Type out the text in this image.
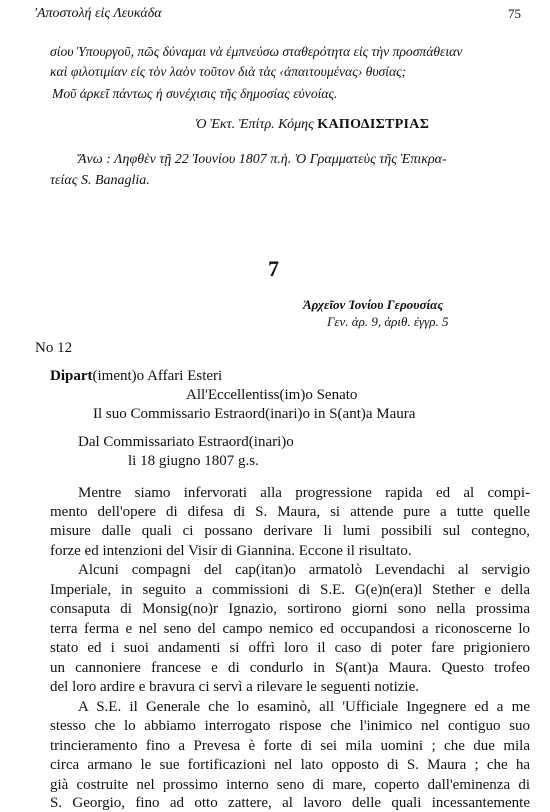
'Αποστολή εἰς Λευκάδα	75
σίου Ὑπουργοῦ, πῶς δύναμαι νὰ ἐμπνεύσω σταθερότητα εἰς τὴν προσπάθειαν
καὶ φιλοτιμίαν εἰς τὸν λαὸν τοῦτον διὰ τὰς ‹ἀπαιτουμένας› θυσίας;
Μοῦ ἀρκεῖ πάντως ἡ συνέχισις τῆς δημοσίας εὐνοίας.
Ὁ Ἐκτ. Ἐπίτρ. Κόμης ΚΑΠΟΔΙΣΤΡΙΑΣ
Ἄνω : Ληφθὲν τῇ 22 Ἰουνίου 1807 π.ἡ. Ὁ Γραμματεὺς τῆς Ἐπικρα-
τείας S. Banaglia.
7
Ἀρχεῖον Ἰονίου Γερουσίας
Γεν. ἀρ. 9, ἀριθ. ἐγγρ. 5
No 12
Dipart(iment)o Affari Esteri
All'Eccellentiss(im)o Senato
Il suo Commissario Estraord(inari)o in S(ant)a Maura
Dal Commissariato Estraord(inari)o
li 18 giugno 1807 g.s.
Mentre siamo infervorati alla progressione rapida ed al compi-
mento dell'opere di difesa di S. Maura, si attende pure a tutte quelle
misure dalle quali ci possano derivare li lumi possibili sul contegno,
forze ed intenzioni del Visir di Giannina. Eccone il risultato.
Alcuni compagni del cap(itan)o armatolò Levendachi al servigio
Imperiale, in seguito a commissioni di S.E. G(e)n(era)l Stether e della
consaputa di Monsig(no)r Ignazio, sortirono giorni sono nella prossima
terra ferma e nel seno del campo nemico ed occupandosi a riconoscerne lo
stato ed i suoi andamenti si offrì loro il caso di poter fare prigioniero
un cannoniere francese e di condurlo in S(ant)a Maura. Questo trofeo
del loro ardire e bravura ci servì a rilevare le seguenti notizie.
A S.E. il Generale che lo esaminò, all 'Ufficiale Ingegnere ed a me
stesso che lo abbiamo interrogato rispose che l'inimico nel contiguo suo
trincieramento fino a Prevesa è forte di sei mila uomini ; che due mila
circa armano le sue fortificazioni nel lato opposto di S. Maura ; che ha
già costruite nel prossimo interno seno di mare, coperto dall'eminenza di
S. Georgio, fino ad otto zattere, al lavoro delle quali incessantemente
